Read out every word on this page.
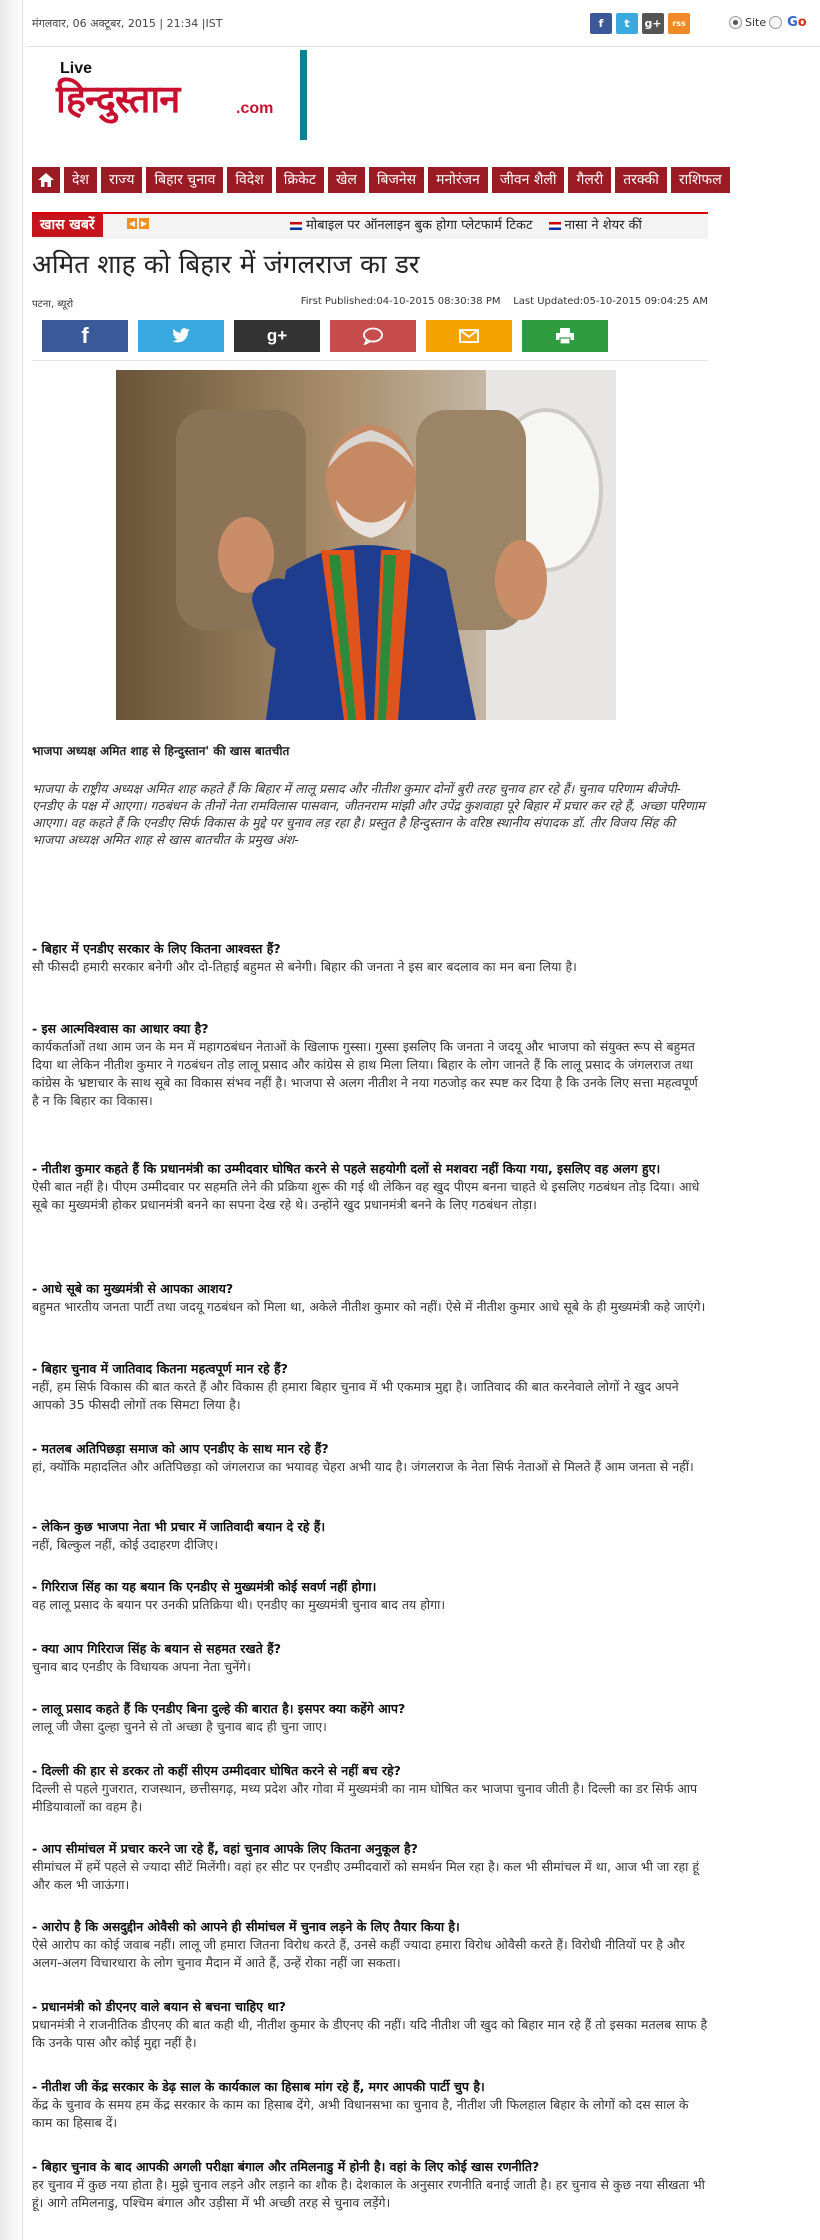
मंगलवार, 06 अक्टूबर, 2015 | 21:34 |IST	f	t	g+	rss	Site Go
Live
हिन्दुस्तान	.com
देश	राज्य	बिहार चुनाव	विदेश	क्रिकेट	खेल	बिजनेस	मनोरंजन	जीवन शैली	गैलरी	तरक्की	राशिफल
खास खबरें	◀ ▶	मोबाइल पर ऑनलाइन बुक होगा प्लेटफार्म टिकट	नासा ने शेयर कीं
अमित शाह को बिहार में जंगलराज का डर
पटना, ब्यूरो	First Published:04-10-2015 08:30:38 PM Last Updated:05-10-2015 09:04:25 AM
f	g+
भाजपा अध्यक्ष अमित शाह से हिन्दुस्तान' की खास बातचीत
भाजपा के राष्ट्रीय अध्यक्ष अमित शाह कहते हैं कि बिहार में लालू प्रसाद और नीतीश कुमार दोनों बुरी तरह चुनाव हार रहे हैं। चुनाव परिणाम बीजेपी-एनडीए के पक्ष में आएगा। गठबंधन के तीनों नेता रामविलास पासवान, जीतनराम मांझी और उपेंद्र कुशवाहा पूरे बिहार में प्रचार कर रहे हैं, अच्छा परिणाम आएगा। वह कहते हैं कि एनडीए सिर्फ विकास के मुद्दे पर चुनाव लड़ रहा है। प्रस्तुत है हिन्दुस्तान के वरिष्ठ स्थानीय संपादक डॉ. तीर विजय सिंह की भाजपा अध्यक्ष अमित शाह से खास बातचीत के प्रमुख अंश-
- बिहार में एनडीए सरकार के लिए कितना आश्वस्त हैं?
सौ फीसदी हमारी सरकार बनेगी और दो-तिहाई बहुमत से बनेगी। बिहार की जनता ने इस बार बदलाव का मन बना लिया है।
- इस आत्मविश्वास का आधार क्या है?
कार्यकर्ताओं तथा आम जन के मन में महागठबंधन नेताओं के खिलाफ गुस्सा। गुस्सा इसलिए कि जनता ने जदयू और भाजपा को संयुक्त रूप से बहुमत दिया था लेकिन नीतीश कुमार ने गठबंधन तोड़ लालू प्रसाद और कांग्रेस से हाथ मिला लिया। बिहार के लोग जानते हैं कि लालू प्रसाद के जंगलराज तथा कांग्रेस के भ्रष्टाचार के साथ सूबे का विकास संभव नहीं है। भाजपा से अलग नीतीश ने नया गठजोड़ कर स्पष्ट कर दिया है कि उनके लिए सत्ता महत्वपूर्ण है न कि बिहार का विकास।
- नीतीश कुमार कहते हैं कि प्रधानमंत्री का उम्मीदवार घोषित करने से पहले सहयोगी दलों से मशवरा नहीं किया गया, इसलिए वह अलग हुए।
ऐसी बात नहीं है। पीएम उम्मीदवार पर सहमति लेने की प्रक्रिया शुरू की गई थी लेकिन वह खुद पीएम बनना चाहते थे इसलिए गठबंधन तोड़ दिया। आधे सूबे का मुख्यमंत्री होकर प्रधानमंत्री बनने का सपना देख रहे थे। उन्होंने खुद प्रधानमंत्री बनने के लिए गठबंधन तोड़ा।
- आधे सूबे का मुख्यमंत्री से आपका आशय?
बहुमत भारतीय जनता पार्टी तथा जदयू गठबंधन को मिला था, अकेले नीतीश कुमार को नहीं। ऐसे में नीतीश कुमार आधे सूबे के ही मुख्यमंत्री कहे जाएंगे।
- बिहार चुनाव में जातिवाद कितना महत्वपूर्ण मान रहे हैं?
नहीं, हम सिर्फ विकास की बात करते हैं और विकास ही हमारा बिहार चुनाव में भी एकमात्र मुद्दा है। जातिवाद की बात करनेवाले लोगों ने खुद अपने आपको 35 फीसदी लोगों तक सिमटा लिया है।
- मतलब अतिपिछड़ा समाज को आप एनडीए के साथ मान रहे हैं?
हां, क्योंकि महादलित और अतिपिछड़ा को जंगलराज का भयावह चेहरा अभी याद है। जंगलराज के नेता सिर्फ नेताओं से मिलते हैं आम जनता से नहीं।
- लेकिन कुछ भाजपा नेता भी प्रचार में जातिवादी बयान दे रहे हैं।
नहीं, बिल्कुल नहीं, कोई उदाहरण दीजिए।
- गिरिराज सिंह का यह बयान कि एनडीए से मुख्यमंत्री कोई सवर्ण नहीं होगा।
वह लालू प्रसाद के बयान पर उनकी प्रतिक्रिया थी। एनडीए का मुख्यमंत्री चुनाव बाद तय होगा।
- क्या आप गिरिराज सिंह के बयान से सहमत रखते हैं?
चुनाव बाद एनडीए के विधायक अपना नेता चुनेंगे।
- लालू प्रसाद कहते हैं कि एनडीए बिना दुल्हे की बारात है। इसपर क्या कहेंगे आप?
लालू जी जैसा दुल्हा चुनने से तो अच्छा है चुनाव बाद ही चुना जाए।
- दिल्ली की हार से डरकर तो कहीं सीएम उम्मीदवार घोषित करने से नहीं बच रहे?
दिल्ली से पहले गुजरात, राजस्थान, छत्तीसगढ़, मध्य प्रदेश और गोवा में मुख्यमंत्री का नाम घोषित कर भाजपा चुनाव जीती है। दिल्ली का डर सिर्फ आप मीडियावालों का वहम है।
- आप सीमांचल में प्रचार करने जा रहे हैं, वहां चुनाव आपके लिए कितना अनुकूल है?
सीमांचल में हमें पहले से ज्यादा सीटें मिलेंगी। वहां हर सीट पर एनडीए उम्मीदवारों को समर्थन मिल रहा है। कल भी सीमांचल में था, आज भी जा रहा हूं और कल भी जाऊंगा।
- आरोप है कि असदुद्दीन ओवैसी को आपने ही सीमांचल में चुनाव लड़ने के लिए तैयार किया है।
ऐसे आरोप का कोई जवाब नहीं। लालू जी हमारा जितना विरोध करते हैं, उनसे कहीं ज्यादा हमारा विरोध ओवैसी करते हैं। विरोधी नीतियों पर है और अलग-अलग विचारधारा के लोग चुनाव मैदान में आते हैं, उन्हें रोका नहीं जा सकता।
- प्रधानमंत्री को डीएनए वाले बयान से बचना चाहिए था?
प्रधानमंत्री ने राजनीतिक डीएनए की बात कही थी, नीतीश कुमार के डीएनए की नहीं। यदि नीतीश जी खुद को बिहार मान रहे हैं तो इसका मतलब साफ है कि उनके पास और कोई मुद्दा नहीं है।
- नीतीश जी केंद्र सरकार के डेढ़ साल के कार्यकाल का हिसाब मांग रहे हैं, मगर आपकी पार्टी चुप है।
केंद्र के चुनाव के समय हम केंद्र सरकार के काम का हिसाब देंगे, अभी विधानसभा का चुनाव है, नीतीश जी फिलहाल बिहार के लोगों को दस साल के काम का हिसाब दें।
- बिहार चुनाव के बाद आपकी अगली परीक्षा बंगाल और तमिलनाडु में होनी है। वहां के लिए कोई खास रणनीति?
हर चुनाव में कुछ नया होता है। मुझे चुनाव लड़ने और लड़ाने का शौक है। देशकाल के अनुसार रणनीति बनाई जाती है। हर चुनाव से कुछ नया सीखता भी हूं। आगे तमिलनाडु, पश्चिम बंगाल और उड़ीसा में भी अच्छी तरह से चुनाव लड़ेंगे।
